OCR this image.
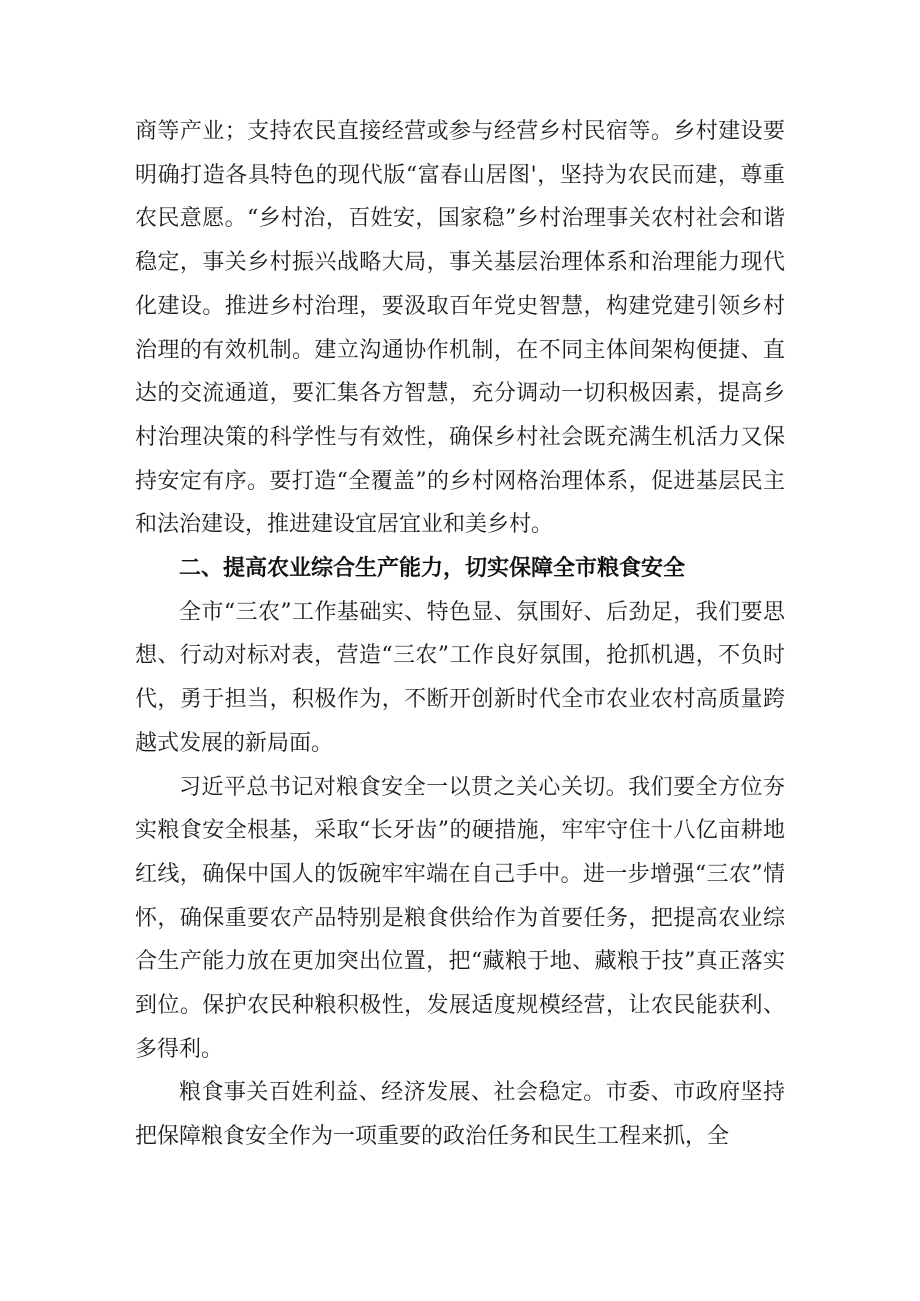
商等产业；支持农民直接经营或参与经营乡村民宿等。乡村建设要明确打造各具特色的现代版“富春山居图'，坚持为农民而建，尊重农民意愿。“乡村治，百姓安，国家稳”乡村治理事关农村社会和谐稳定，事关乡村振兴战略大局，事关基层治理体系和治理能力现代化建设。推进乡村治理，要汲取百年党史智慧，构建党建引领乡村治理的有效机制。建立沟通协作机制，在不同主体间架构便捷、直达的交流通道，要汇集各方智慧，充分调动一切积极因素，提高乡村治理决策的科学性与有效性，确保乡村社会既充满生机活力又保持安定有序。要打造“全覆盖”的乡村网格治理体系，促进基层民主和法治建设，推进建设宜居宜业和美乡村。

二、提高农业综合生产能力，切实保障全市粮食安全

全市“三农”工作基础实、特色显、氛围好、后劲足，我们要思想、行动对标对表，营造“三农”工作良好氛围，抢抓机遇，不负时代，勇于担当，积极作为，不断开创新时代全市农业农村高质量跨越式发展的新局面。

习近平总书记对粮食安全一以贯之关心关切。我们要全方位夯实粮食安全根基，采取“长牙齿”的硬措施，牢牢守住十八亿亩耕地红线，确保中国人的饭碗牢牢端在自己手中。进一步增强“三农”情怀，确保重要农产品特别是粮食供给作为首要任务，把提高农业综合生产能力放在更加突出位置，把“藏粮于地、藏粮于技”真正落实到位。保护农民种粮积极性，发展适度规模经营，让农民能获利、多得利。

粮食事关百姓利益、经济发展、社会稳定。市委、市政府坚持把保障粮食安全作为一项重要的政治任务和民生工程来抓，全
